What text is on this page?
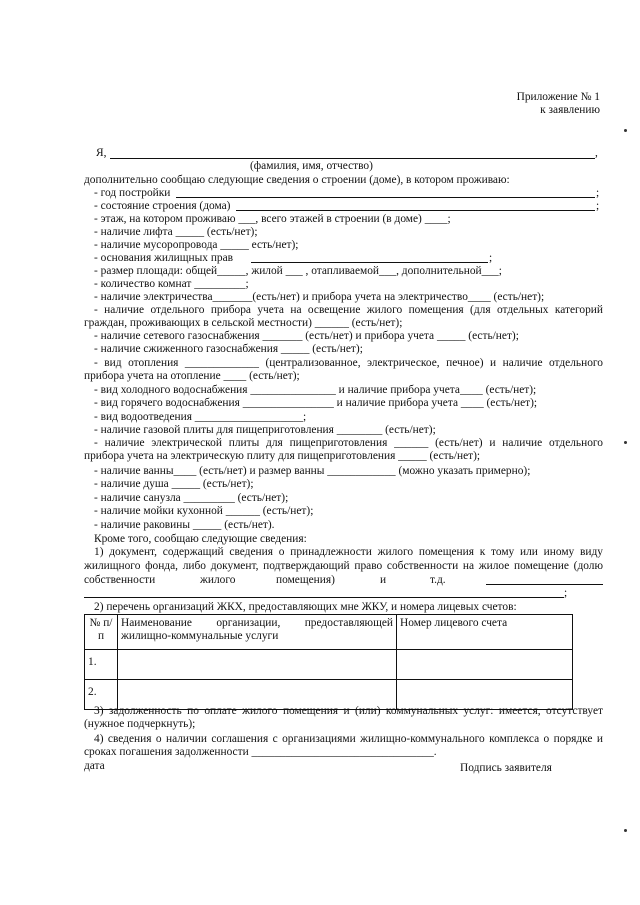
Приложение № 1
к заявлению
Я,	,
(фамилия, имя, отчество)
дополнительно сообщаю следующие сведения о строении (доме), в котором проживаю:
- год постройки	;
- состояние строения (дома)	;
- этаж, на котором проживаю ___, всего этажей в строении (в доме) ____;
- наличие лифта _____ (есть/нет);
- наличие мусоропровода _____ есть/нет);
- основания жилищных прав	;
- размер площади: общей_____, жилой ___ , отапливаемой___, дополнительной___;
- количество комнат _________;
- наличие электричества_______(есть/нет) и прибора учета на электричество____ (есть/нет);
- наличие отдельного прибора учета на освещение жилого помещения (для отдельных категорий
граждан, проживающих в сельской местности) ______ (есть/нет);
- наличие сетевого газоснабжения _______ (есть/нет) и прибора учета _____ (есть/нет);
- наличие сжиженного газоснабжения _____ (есть/нет);
- вид отопления _____________ (централизованное, электрическое, печное) и наличие отдельного
прибора учета на отопление ____ (есть/нет);
- вид холодного водоснабжения _______________ и наличие прибора учета____ (есть/нет);
- вид горячего водоснабжения ________________ и наличие прибора учета ____ (есть/нет);
- вид водоотведения ___________________;
- наличие газовой плиты для пищеприготовления ________ (есть/нет);
- наличие электрической плиты для пищеприготовления ______ (есть/нет) и наличие отдельного
прибора учета на электрическую плиту для пищеприготовления _____ (есть/нет);
- наличие ванны____ (есть/нет) и размер ванны ____________ (можно указать примерно);
- наличие душа _____ (есть/нет);
- наличие санузла _________ (есть/нет);
- наличие мойки кухонной ______ (есть/нет);
- наличие раковины _____ (есть/нет).
Кроме того, сообщаю следующие сведения:
1) документ, содержащий сведения о принадлежности жилого помещения к тому или иному виду
жилищного фонда, либо документ, подтверждающий право собственности на жилое помещение (долю
собственности	жилого	помещения)	и	т.д.
;
2) перечень организаций ЖКХ, предоставляющих мне ЖКУ, и номера лицевых счетов:
№ п/п	Наименование организации, предоставляющей жилищно-коммунальные услуги	Номер лицевого счета
1.		
2.		
3) задолженность по оплате жилого помещения и (или) коммунальных услуг: имеется, отсутствует
(нужное подчеркнуть);
4) сведения о наличии соглашения с организациями жилищно-коммунального комплекса о порядке и
сроках погашения задолженности ________________________________.
дата	Подпись заявителя
